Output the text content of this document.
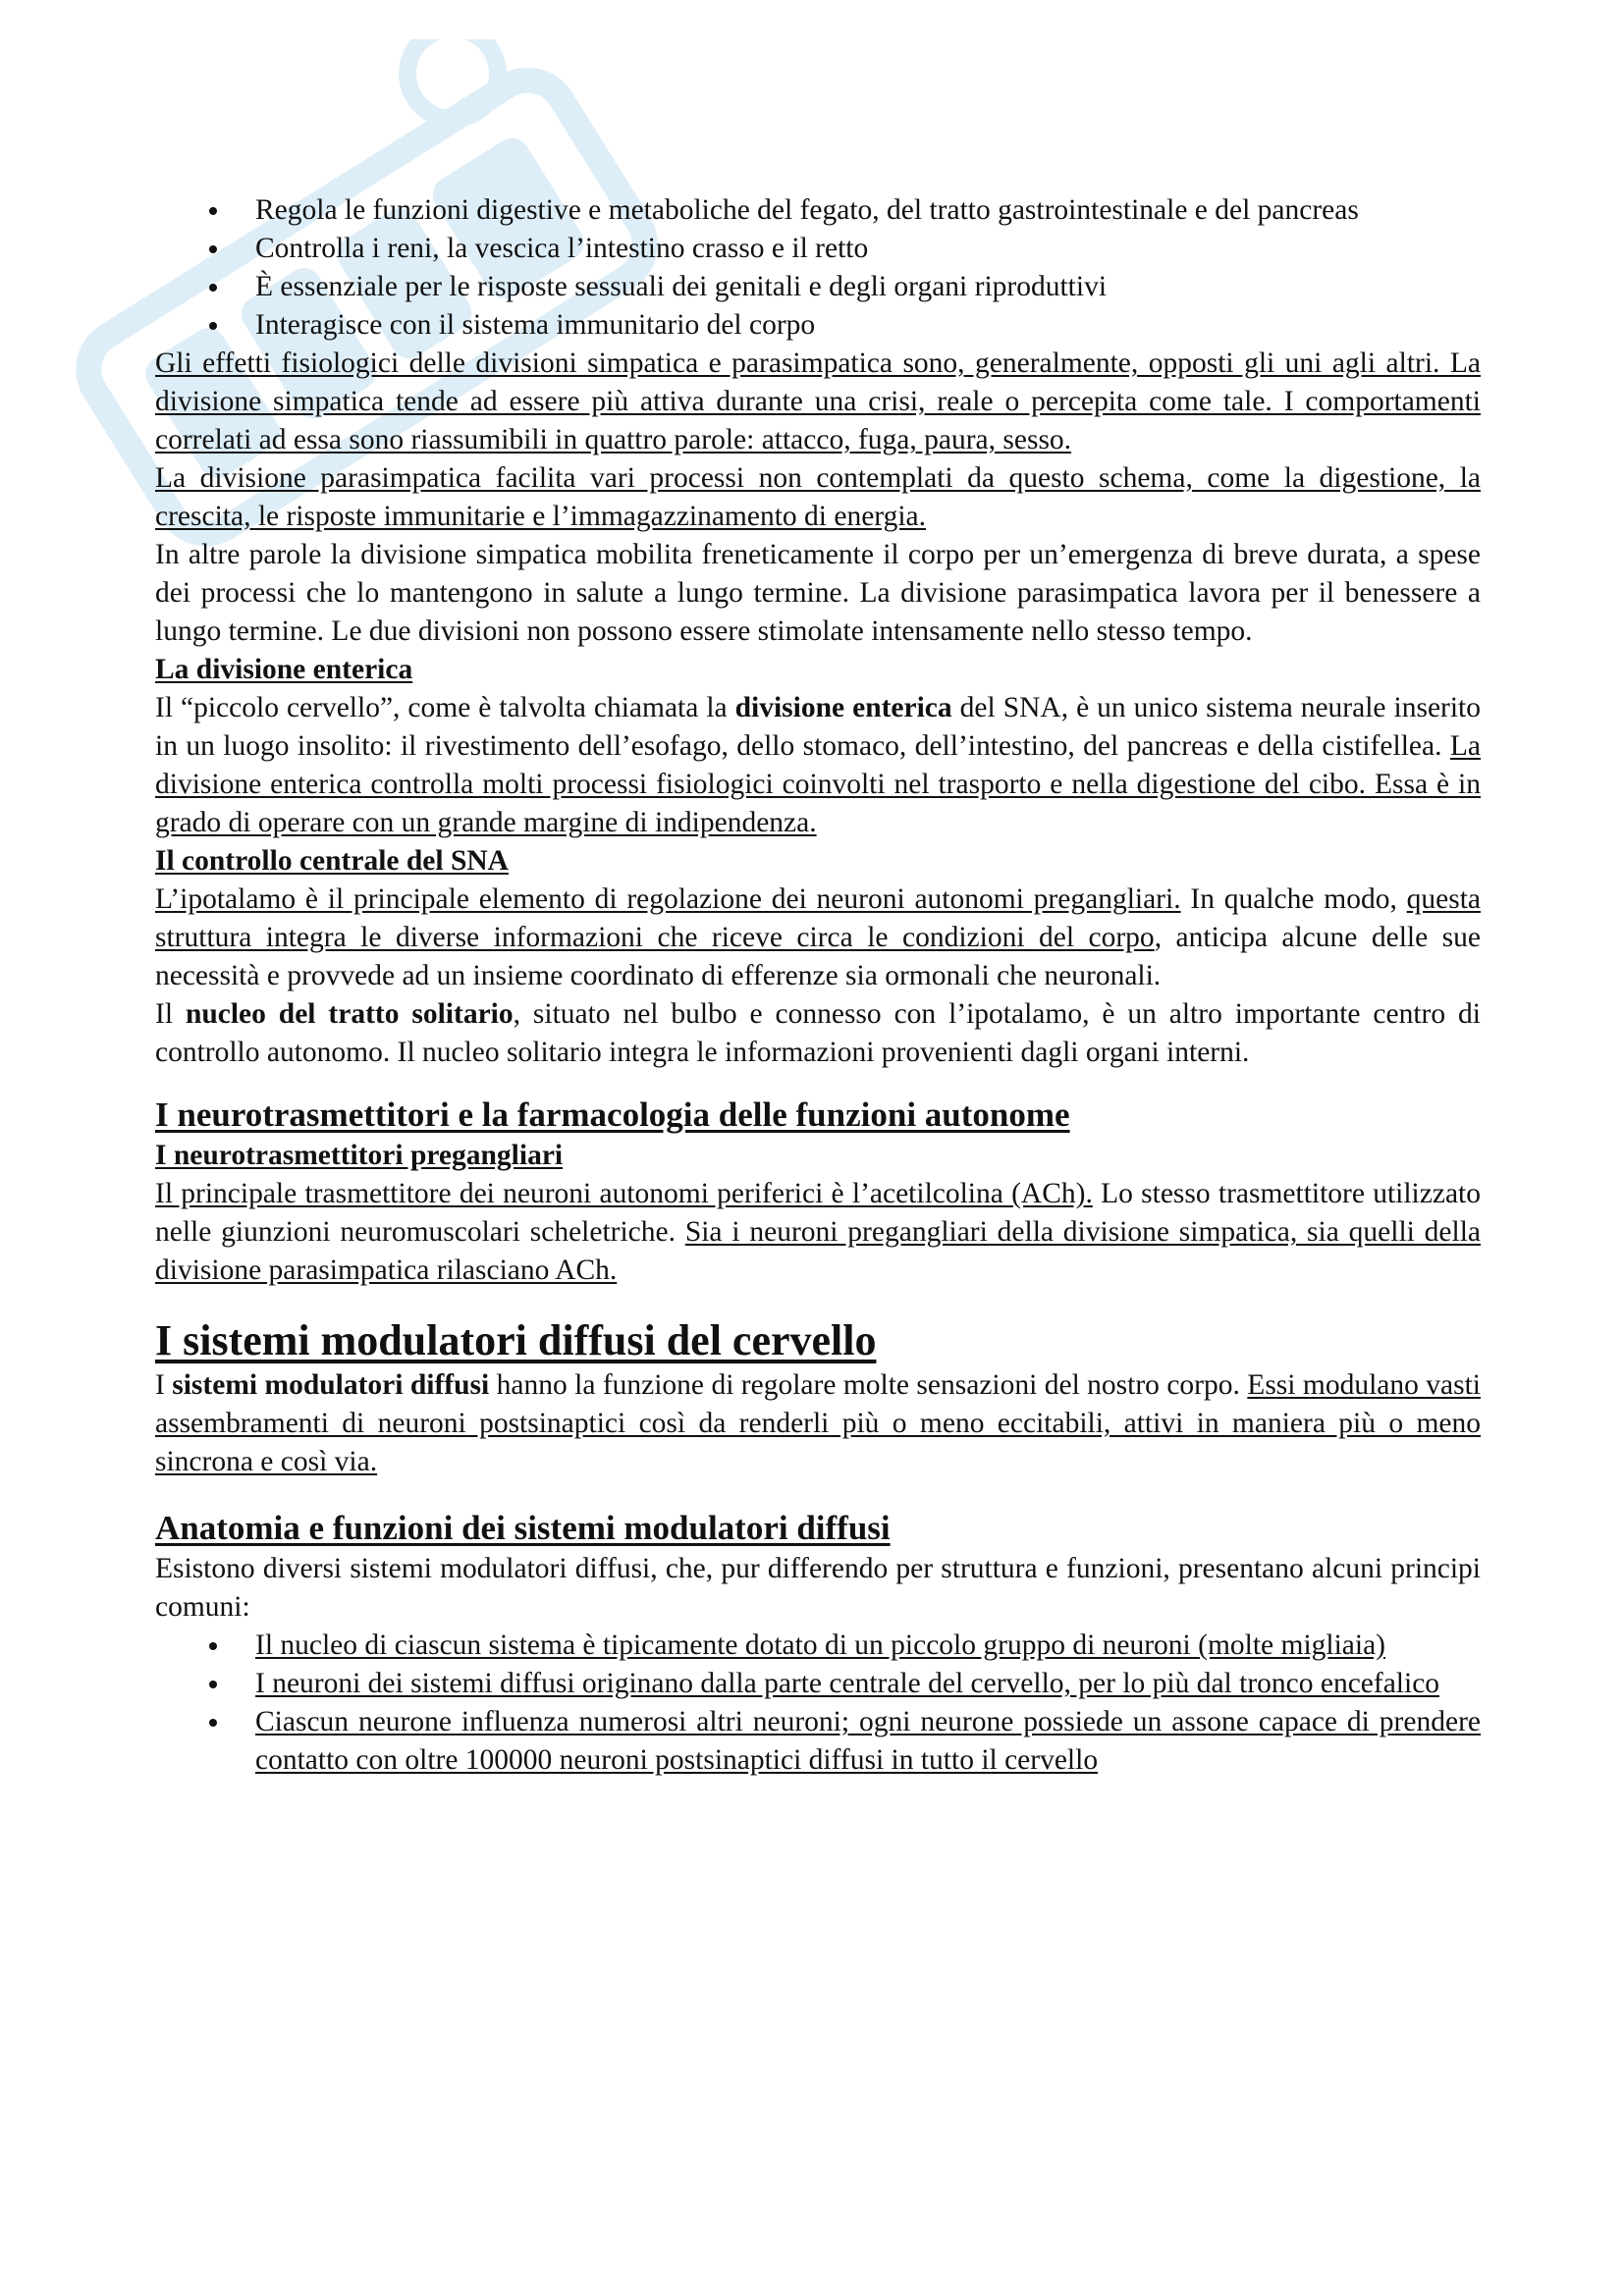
Regola le funzioni digestive e metaboliche del fegato, del tratto gastrointestinale e del pancreas
Controlla i reni, la vescica l’intestino crasso e il retto
È essenziale per le risposte sessuali dei genitali e degli organi riproduttivi
Interagisce con il sistema immunitario del corpo

Gli effetti fisiologici delle divisioni simpatica e parasimpatica sono, generalmente, opposti gli uni agli altri. La divisione simpatica tende ad essere più attiva durante una crisi, reale o percepita come tale. I comportamenti correlati ad essa sono riassumibili in quattro parole: attacco, fuga, paura, sesso.

La divisione parasimpatica facilita vari processi non contemplati da questo schema, come la digestione, la crescita, le risposte immunitarie e l’immagazzinamento di energia.

In altre parole la divisione simpatica mobilita freneticamente il corpo per un’emergenza di breve durata, a spese dei processi che lo mantengono in salute a lungo termine. La divisione parasimpatica lavora per il benessere a lungo termine. Le due divisioni non possono essere stimolate intensamente nello stesso tempo.

La divisione enterica

Il “piccolo cervello”, come è talvolta chiamata la divisione enterica del SNA, è un unico sistema neurale inserito in un luogo insolito: il rivestimento dell’esofago, dello stomaco, dell’intestino, del pancreas e della cistifellea. La divisione enterica controlla molti processi fisiologici coinvolti nel trasporto e nella digestione del cibo. Essa è in grado di operare con un grande margine di indipendenza.

Il controllo centrale del SNA

L’ipotalamo è il principale elemento di regolazione dei neuroni autonomi pregangliari. In qualche modo, questa struttura integra le diverse informazioni che riceve circa le condizioni del corpo, anticipa alcune delle sue necessità e provvede ad un insieme coordinato di efferenze sia ormonali che neuronali.

Il nucleo del tratto solitario, situato nel bulbo e connesso con l’ipotalamo, è un altro importante centro di controllo autonomo. Il nucleo solitario integra le informazioni provenienti dagli organi interni.

I neurotrasmettitori e la farmacologia delle funzioni autonome

I neurotrasmettitori pregangliari

Il principale trasmettitore dei neuroni autonomi periferici è l’acetilcolina (ACh). Lo stesso trasmettitore utilizzato nelle giunzioni neuromuscolari scheletriche. Sia i neuroni pregangliari della divisione simpatica, sia quelli della divisione parasimpatica rilasciano ACh.

I sistemi modulatori diffusi del cervello

I sistemi modulatori diffusi hanno la funzione di regolare molte sensazioni del nostro corpo. Essi modulano vasti assembramenti di neuroni postsinaptici così da renderli più o meno eccitabili, attivi in maniera più o meno sincrona e così via.

Anatomia e funzioni dei sistemi modulatori diffusi

Esistono diversi sistemi modulatori diffusi, che, pur differendo per struttura e funzioni, presentano alcuni principi comuni:

Il nucleo di ciascun sistema è tipicamente dotato di un piccolo gruppo di neuroni (molte migliaia)
I neuroni dei sistemi diffusi originano dalla parte centrale del cervello, per lo più dal tronco encefalico
Ciascun neurone influenza numerosi altri neuroni; ogni neurone possiede un assone capace di prendere contatto con oltre 100000 neuroni postsinaptici diffusi in tutto il cervello
